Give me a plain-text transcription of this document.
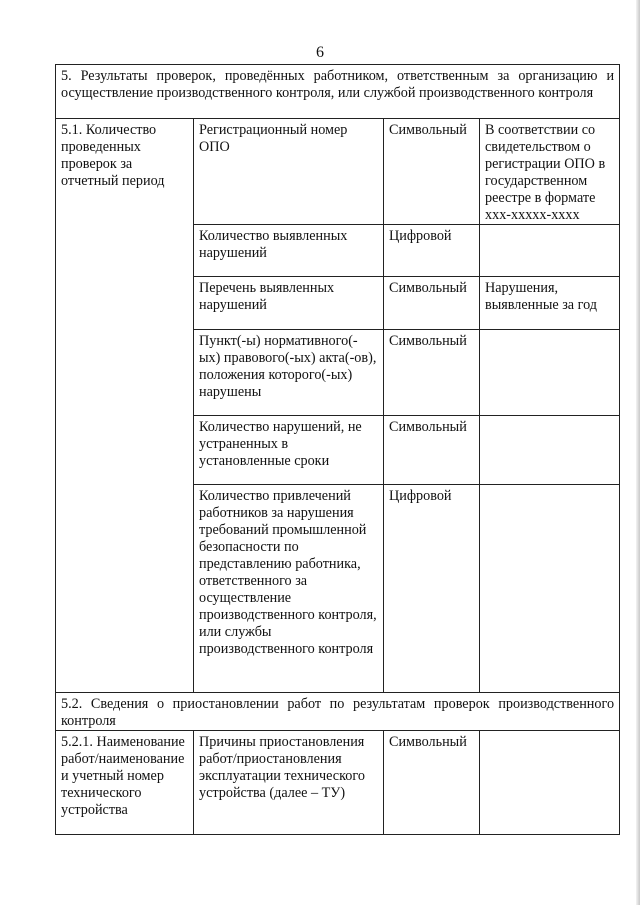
6
5. Результаты проверок, проведённых работником, ответственным за организацию и осуществление производственного контроля, или службой производственного контроля			
5.1. Количество проведенных проверок за отчетный период	Регистрационный номер ОПО	Символьный	В соответствии со свидетельством о регистрации ОПО в государственном реестре в формате ххх-ххххх-хххх
	Количество выявленных нарушений	Цифровой	
	Перечень выявленных нарушений	Символьный	Нарушения, выявленные за год
	Пункт(-ы) нормативного(-ых) правового(-ых) акта(-ов), положения которого(-ых) нарушены	Символьный	
	Количество нарушений, не устраненных в установленные сроки	Символьный	
	Количество привлечений работников за нарушения требований промышленной безопасности по представлению работника, ответственного за осуществление производственного контроля, или службы производственного контроля	Цифровой	
5.2. Сведения о приостановлении работ по результатам проверок производственного контроля			
5.2.1. Наименование работ/наименование и учетный номер технического устройства	Причины приостановления работ/приостановления эксплуатации технического устройства (далее – ТУ)	Символьный	
